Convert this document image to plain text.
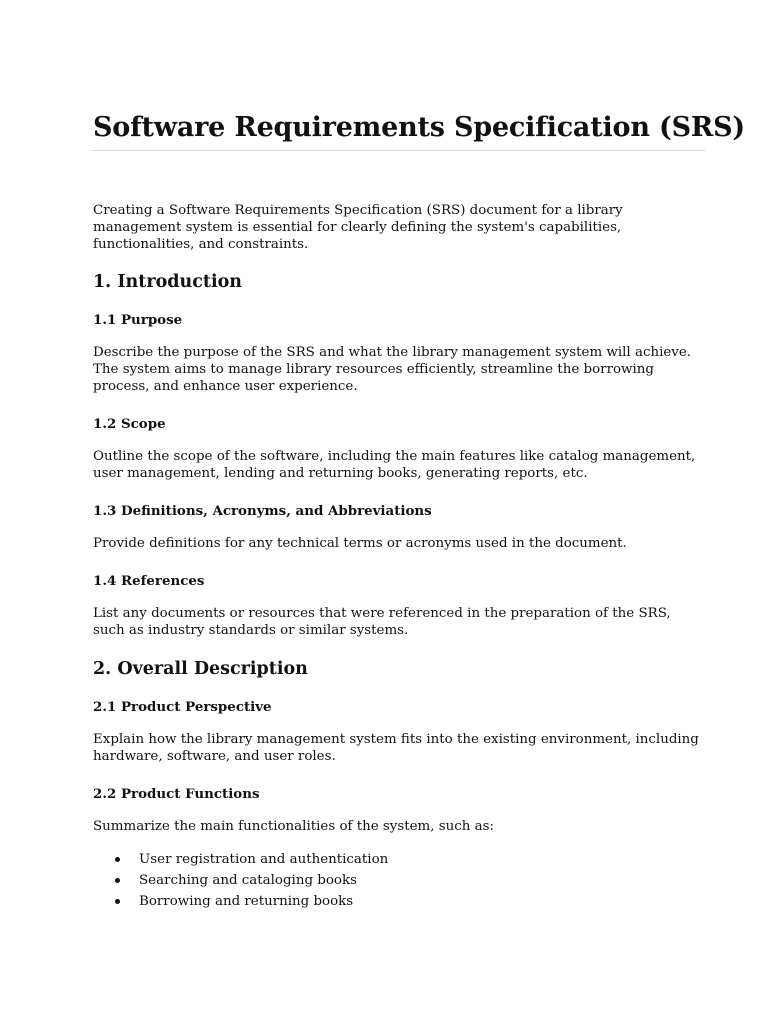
Software Requirements Specification (SRS)

Creating a Software Requirements Specification (SRS) document for a library management system is essential for clearly defining the system's capabilities, functionalities, and constraints.

1. Introduction
1.1 Purpose

Describe the purpose of the SRS and what the library management system will achieve. The system aims to manage library resources efficiently, streamline the borrowing process, and enhance user experience.

1.2 Scope

Outline the scope of the software, including the main features like catalog management, user management, lending and returning books, generating reports, etc.

1.3 Definitions, Acronyms, and Abbreviations

Provide definitions for any technical terms or acronyms used in the document.

1.4 References

List any documents or resources that were referenced in the preparation of the SRS, such as industry standards or similar systems.

2. Overall Description
2.1 Product Perspective

Explain how the library management system fits into the existing environment, including hardware, software, and user roles.

2.2 Product Functions

Summarize the main functionalities of the system, such as:

User registration and authentication
Searching and cataloging books
Borrowing and returning books
